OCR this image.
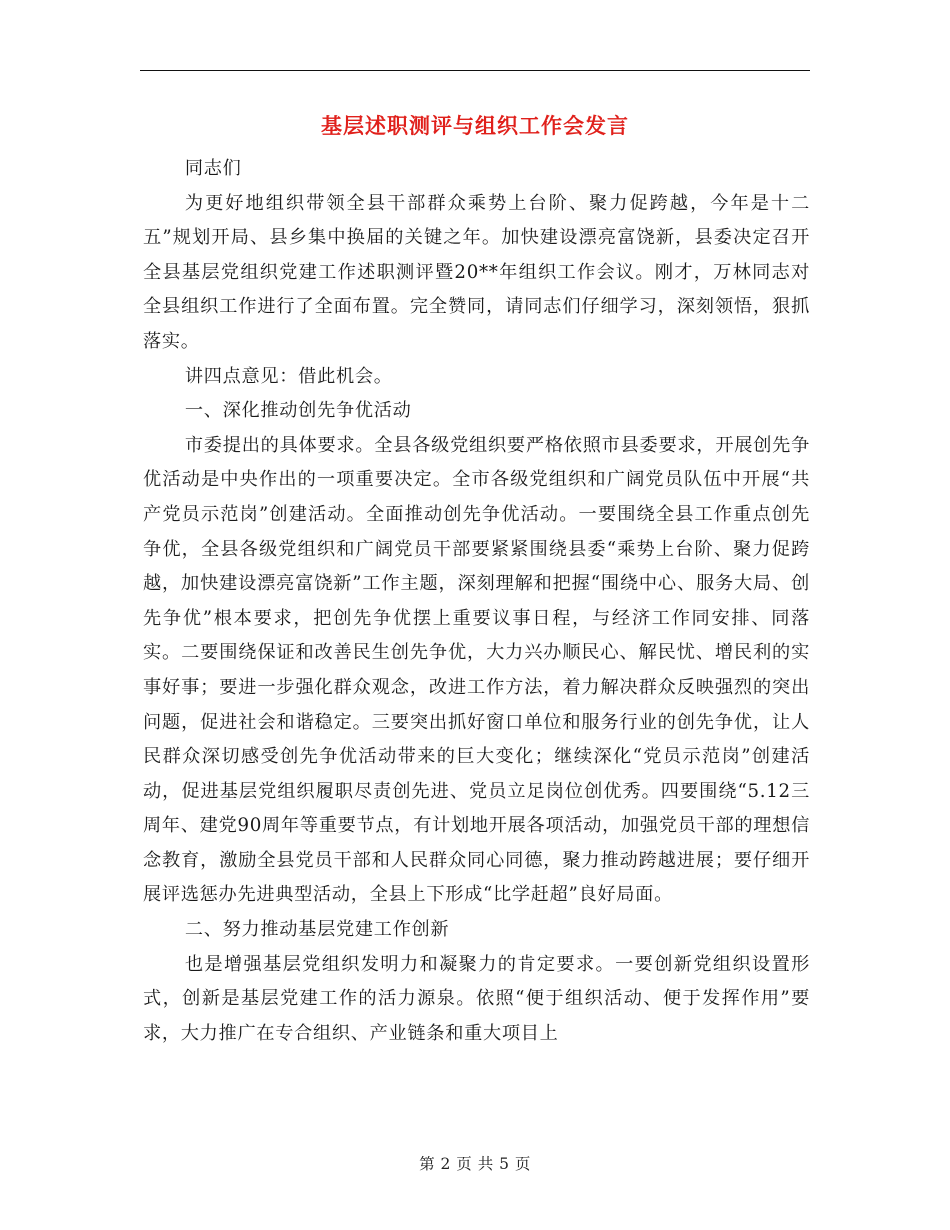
基层述职测评与组织工作会发言

同志们

为更好地组织带领全县干部群众乘势上台阶、聚力促跨越，今年是十二五”规划开局、县乡集中换届的关键之年。加快建设漂亮富饶新，县委决定召开全县基层党组织党建工作述职测评暨20**年组织工作会议。刚才，万林同志对全县组织工作进行了全面布置。完全赞同，请同志们仔细学习，深刻领悟，狠抓落实。

讲四点意见：借此机会。

一、深化推动创先争优活动

市委提出的具体要求。全县各级党组织要严格依照市县委要求，开展创先争优活动是中央作出的一项重要决定。全市各级党组织和广阔党员队伍中开展“共产党员示范岗”创建活动。全面推动创先争优活动。一要围绕全县工作重点创先争优，全县各级党组织和广阔党员干部要紧紧围绕县委“乘势上台阶、聚力促跨越，加快建设漂亮富饶新”工作主题，深刻理解和把握“围绕中心、服务大局、创先争优”根本要求，把创先争优摆上重要议事日程，与经济工作同安排、同落实。二要围绕保证和改善民生创先争优，大力兴办顺民心、解民忧、增民利的实事好事；要进一步强化群众观念，改进工作方法，着力解决群众反映强烈的突出问题，促进社会和谐稳定。三要突出抓好窗口单位和服务行业的创先争优，让人民群众深切感受创先争优活动带来的巨大变化；继续深化“党员示范岗”创建活动，促进基层党组织履职尽责创先进、党员立足岗位创优秀。四要围绕“5.12三周年、建党90周年等重要节点，有计划地开展各项活动，加强党员干部的理想信念教育，激励全县党员干部和人民群众同心同德，聚力推动跨越进展；要仔细开展评选惩办先进典型活动，全县上下形成“比学赶超”良好局面。

二、努力推动基层党建工作创新

也是增强基层党组织发明力和凝聚力的肯定要求。一要创新党组织设置形式，创新是基层党建工作的活力源泉。依照“便于组织活动、便于发挥作用”要求，大力推广在专合组织、产业链条和重大项目上

第 2 页 共 5 页
